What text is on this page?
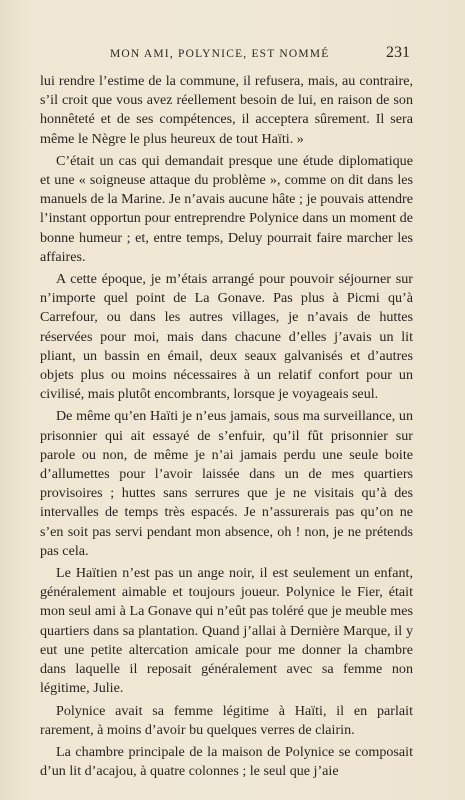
MON AMI, POLYNICE, EST NOMMÉ	231

lui rendre l’estime de la commune, il refusera, mais, au contraire, s’il croit que vous avez réellement besoin de lui, en raison de son honnêteté et de ses compétences, il acceptera sûrement. Il sera même le Nègre le plus heureux de tout Haïti. »

C’était un cas qui demandait presque une étude diplomatique et une « soigneuse attaque du problème », comme on dit dans les manuels de la Marine. Je n’avais aucune hâte ; je pouvais attendre l’instant opportun pour entreprendre Polynice dans un moment de bonne humeur ; et, entre temps, Deluy pourrait faire marcher les affaires.

A cette époque, je m’étais arrangé pour pouvoir séjourner sur n’importe quel point de La Gonave. Pas plus à Picmi qu’à Carrefour, ou dans les autres villages, je n’avais de huttes réservées pour moi, mais dans chacune d’elles j’avais un lit pliant, un bassin en émail, deux seaux galvanisés et d’autres objets plus ou moins nécessaires à un relatif confort pour un civilisé, mais plutôt encombrants, lorsque je voyageais seul.

De même qu’en Haïti je n’eus jamais, sous ma surveillance, un prisonnier qui ait essayé de s’enfuir, qu’il fût prisonnier sur parole ou non, de même je n’ai jamais perdu une seule boite d’allumettes pour l’avoir laissée dans un de mes quartiers provisoires ; huttes sans serrures que je ne visitais qu’à des intervalles de temps très espacés. Je n’assurerais pas qu’on ne s’en soit pas servi pendant mon absence, oh ! non, je ne prétends pas cela.

Le Haïtien n’est pas un ange noir, il est seulement un enfant, généralement aimable et toujours joueur. Polynice le Fier, était mon seul ami à La Gonave qui n’eût pas toléré que je meuble mes quartiers dans sa plantation. Quand j’allai à Dernière Marque, il y eut une petite altercation amicale pour me donner la chambre dans laquelle il reposait généralement avec sa femme non légitime, Julie.

Polynice avait sa femme légitime à Haïti, il en parlait rarement, à moins d’avoir bu quelques verres de clairin.

La chambre principale de la maison de Polynice se composait d’un lit d’acajou, à quatre colonnes ; le seul que j’aie
